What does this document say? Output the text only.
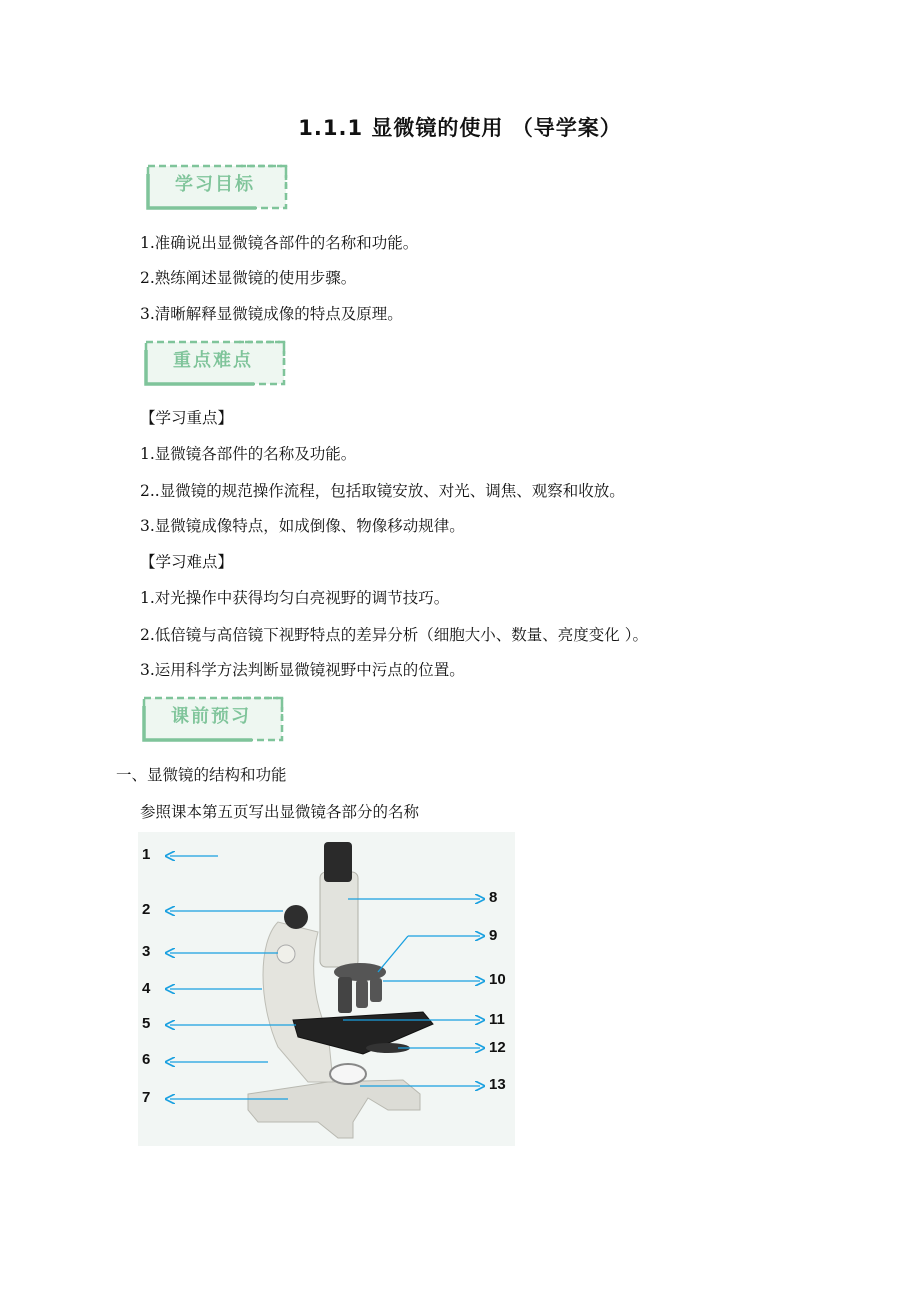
1.1.1 显微镜的使用 （导学案）
学习目标
1.准确说出显微镜各部件的名称和功能。
2.熟练阐述显微镜的使用步骤。
3.清晰解释显微镜成像的特点及原理。
重点难点
【学习重点】
1.显微镜各部件的名称及功能。
2..显微镜的规范操作流程，包括取镜安放、对光、调焦、观察和收放。
3.显微镜成像特点，如成倒像、物像移动规律。
【学习难点】
1.对光操作中获得均匀白亮视野的调节技巧。
2.低倍镜与高倍镜下视野特点的差异分析（细胞大小、数量、亮度变化 ）。
3.运用科学方法判断显微镜视野中污点的位置。
课前预习
一、显微镜的结构和功能
参照课本第五页写出显微镜各部分的名称
1
2
3
4
5
6
7
8
9
10
11
12
13
